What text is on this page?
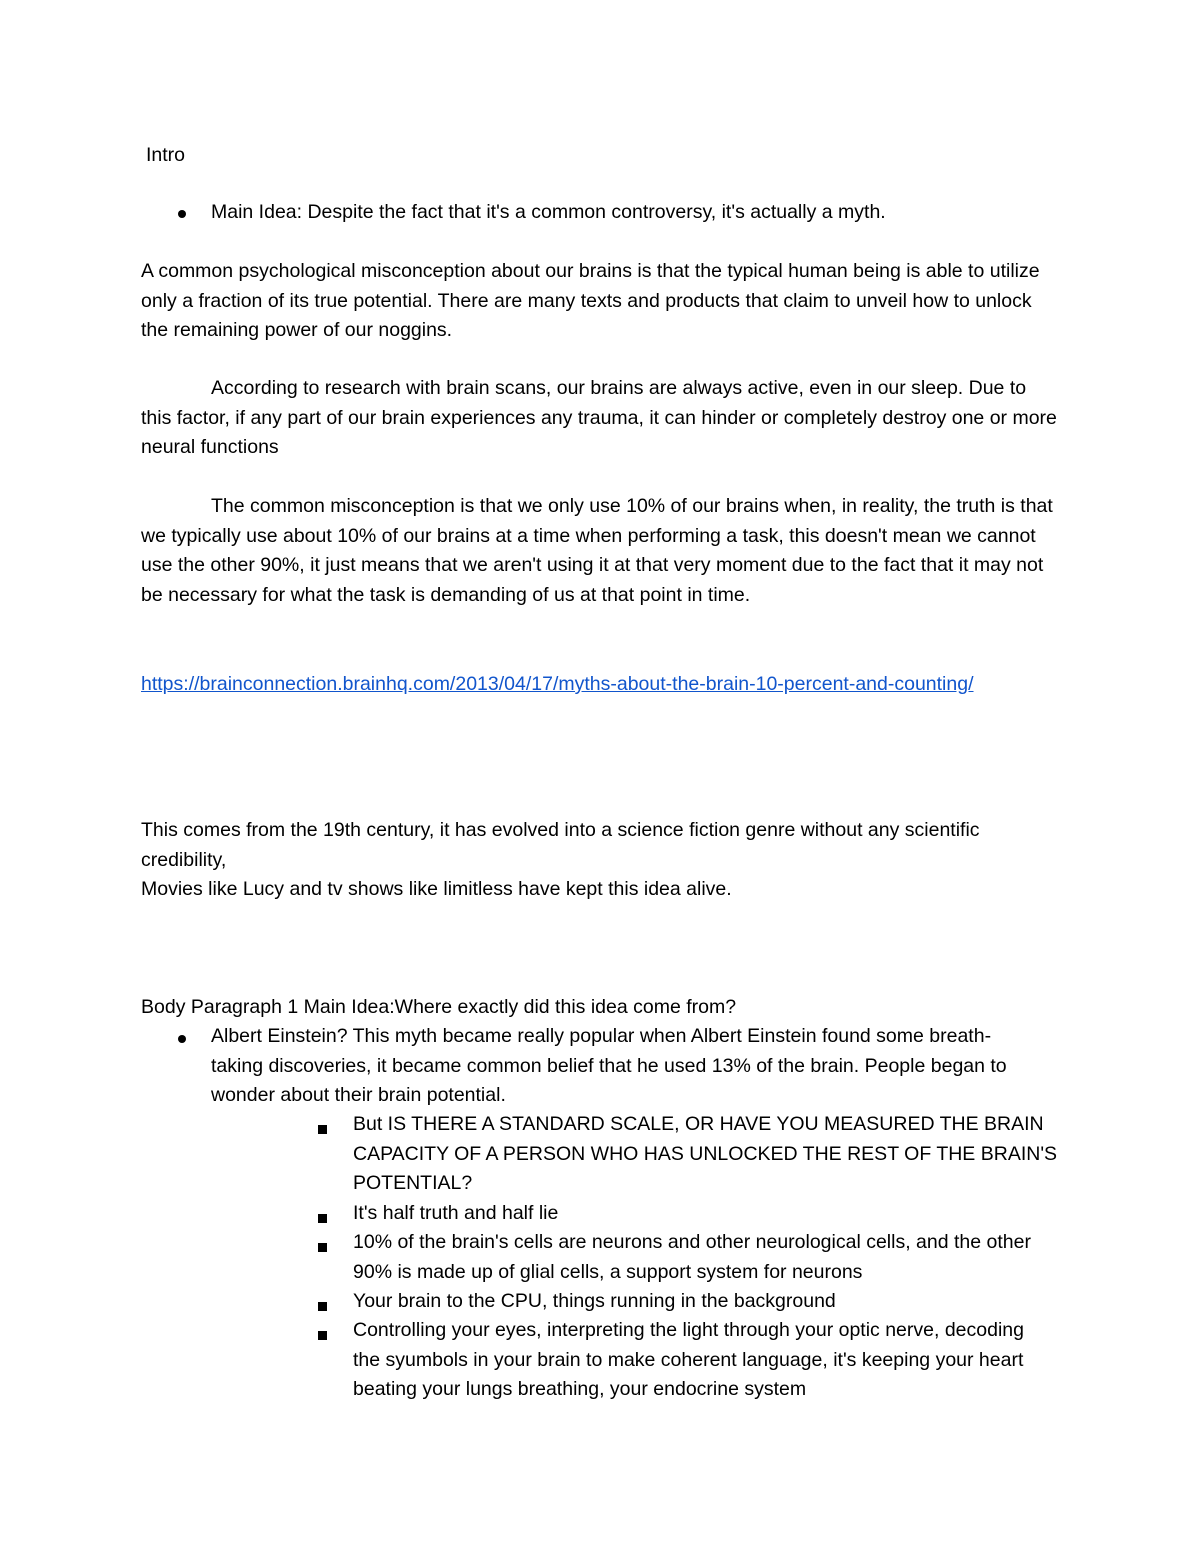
Intro
Main Idea: Despite the fact that it's a common controversy, it's actually a myth.
A common psychological misconception about our brains is that the typical human being is able to utilize only a fraction of its true potential. There are many texts and products that claim to unveil how to unlock the remaining power of our noggins.
According to research with brain scans, our brains are always active, even in our sleep. Due to this factor, if any part of our brain experiences any trauma, it can hinder or completely destroy one or more neural functions
The common misconception is that we only use 10% of our brains when, in reality, the truth is that we typically use about 10% of our brains at a time when performing a task, this doesn't mean we cannot use the other 90%, it just means that we aren't using it at that very moment due to the fact that it may not be necessary for what the task is demanding of us at that point in time.
https://brainconnection.brainhq.com/2013/04/17/myths-about-the-brain-10-percent-and-counting/
This comes from the 19th century, it has evolved into a science fiction genre without any scientific credibility,
Movies like Lucy and tv shows like limitless have kept this idea alive.
Body Paragraph 1 Main Idea:Where exactly did this idea come from?
Albert Einstein? This myth became really popular when Albert Einstein found some breath-taking discoveries, it became common belief that he used 13% of the brain. People began to wonder about their brain potential.
But IS THERE A STANDARD SCALE, OR HAVE YOU MEASURED THE BRAIN CAPACITY OF A PERSON WHO HAS UNLOCKED THE REST OF THE BRAIN'S POTENTIAL?
It's half truth and half lie
10% of the brain's cells are neurons and other neurological cells, and the other 90% is made up of glial cells, a support system for neurons
Your brain to the CPU, things running in the background
Controlling your eyes, interpreting the light through your optic nerve, decoding the syumbols in your brain to make coherent language, it's keeping your heart beating your lungs breathing, your endocrine system
